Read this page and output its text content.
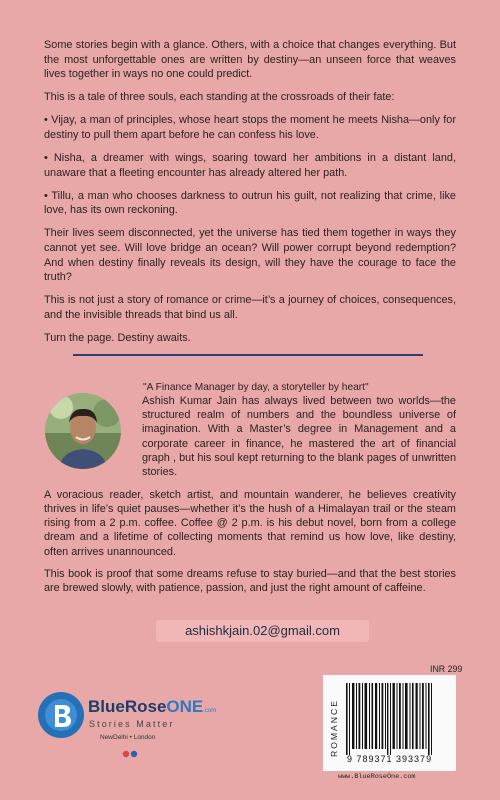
Some stories begin with a glance. Others, with a choice that changes everything. But the most unforgettable ones are written by destiny—an unseen force that weaves lives together in ways no one could predict.

This is a tale of three souls, each standing at the crossroads of their fate:

• Vijay, a man of principles, whose heart stops the moment he meets Nisha—only for destiny to pull them apart before he can confess his love.

• Nisha, a dreamer with wings, soaring toward her ambitions in a distant land, unaware that a fleeting encounter has already altered her path.

• Tillu, a man who chooses darkness to outrun his guilt, not realizing that crime, like love, has its own reckoning.

Their lives seem disconnected, yet the universe has tied them together in ways they cannot yet see. Will love bridge an ocean? Will power corrupt beyond redemption? And when destiny finally reveals its design, will they have the courage to face the truth?

This is not just a story of romance or crime—it’s a journey of choices, consequences, and the invisible threads that bind us all.

Turn the page. Destiny awaits.

"A Finance Manager by day, a storyteller by heart"

Ashish Kumar Jain has always lived between two worlds—the structured realm of numbers and the boundless universe of imagination. With a Master’s degree in Management and a corporate career in finance, he mastered the art of financial graph , but his soul kept returning to the blank pages of unwritten stories.

A voracious reader, sketch artist, and mountain wanderer, he believes creativity thrives in life’s quiet pauses—whether it’s the hush of a Himalayan trail or the steam rising from a 2 p.m. coffee. Coffee @ 2 p.m. is his debut novel, born from a college dream and a lifetime of collecting moments that remind us how love, like destiny, often arrives unannounced.

This book is proof that some dreams refuse to stay buried—and that the best stories are brewed slowly, with patience, passion, and just the right amount of caffeine.

ashishkjain.02@gmail.com
INR 299
9 789371 393379
ROMANCE
www.BlueRoseOne.com
BlueRoseONE.com
Stories Matter
NewDelhi • London
